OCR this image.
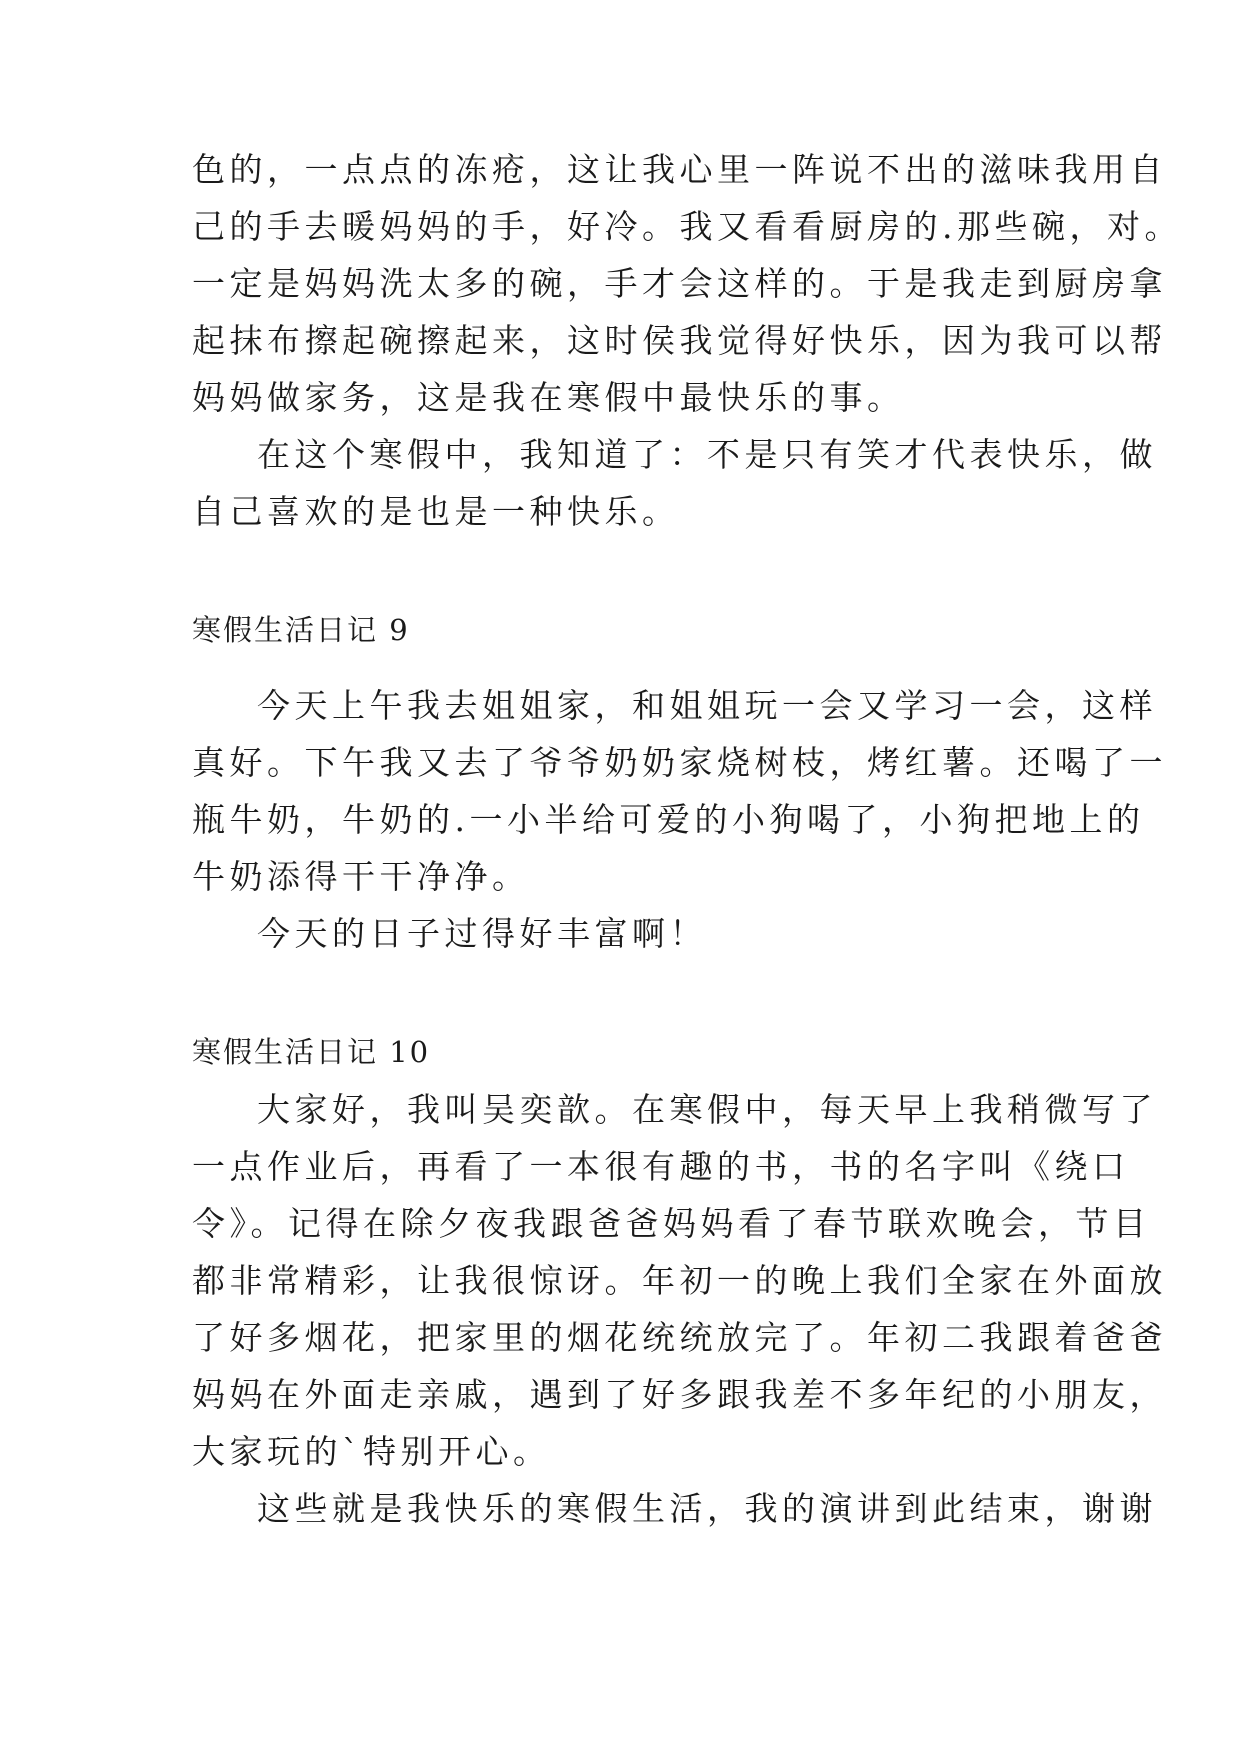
色的，一点点的冻疮，这让我心里一阵说不出的滋味我用自
己的手去暖妈妈的手，好冷。我又看看厨房的.那些碗，对。
一定是妈妈洗太多的碗，手才会这样的。于是我走到厨房拿
起抹布擦起碗擦起来，这时侯我觉得好快乐，因为我可以帮
妈妈做家务，这是我在寒假中最快乐的事。
在这个寒假中，我知道了：不是只有笑才代表快乐，做
自己喜欢的是也是一种快乐。
寒假生活日记 9
今天上午我去姐姐家，和姐姐玩一会又学习一会，这样
真好。下午我又去了爷爷奶奶家烧树枝，烤红薯。还喝了一
瓶牛奶，牛奶的.一小半给可爱的小狗喝了，小狗把地上的
牛奶添得干干净净。
今天的日子过得好丰富啊！
寒假生活日记 10
大家好，我叫吴奕歆。在寒假中，每天早上我稍微写了
一点作业后，再看了一本很有趣的书，书的名字叫《绕口
令》。记得在除夕夜我跟爸爸妈妈看了春节联欢晚会，节目
都非常精彩，让我很惊讶。年初一的晚上我们全家在外面放
了好多烟花，把家里的烟花统统放完了。年初二我跟着爸爸
妈妈在外面走亲戚，遇到了好多跟我差不多年纪的小朋友，
大家玩的`特别开心。
这些就是我快乐的寒假生活，我的演讲到此结束，谢谢
